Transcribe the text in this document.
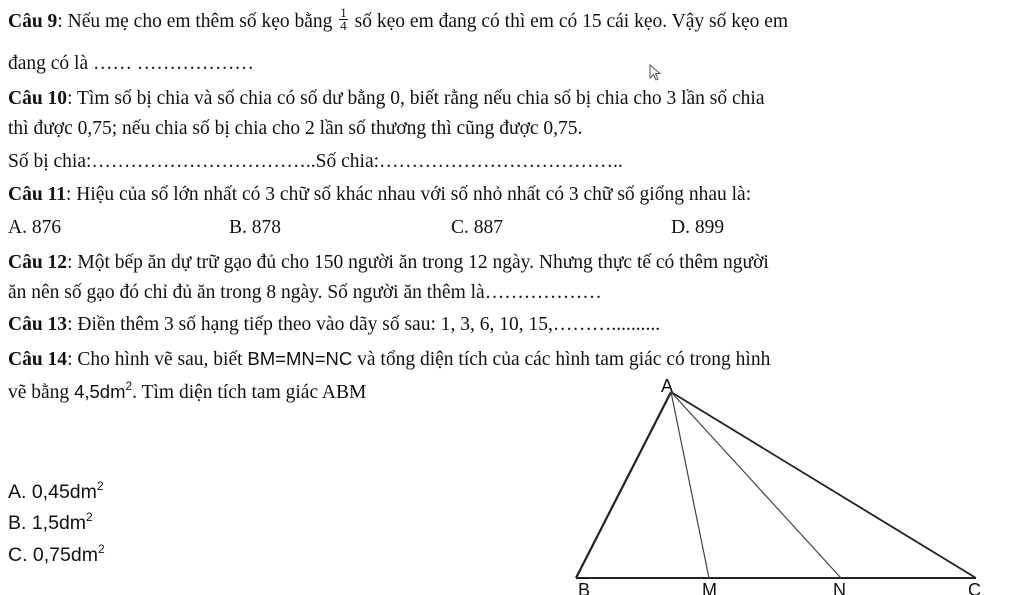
Câu 9: Nếu mẹ cho em thêm số kẹo bằng $\frac{1}{4}$ số kẹo em đang có thì em có 15 cái kẹo. Vậy số kẹo em
đang có là …… ………………
Câu 10: Tìm số bị chia và số chia có số dư bằng 0, biết rằng nếu chia số bị chia cho 3 lần số chia
thì được 0,75; nếu chia số bị chia cho 2 lần số thương thì cũng được 0,75.
Số bị chia:……………………………..Số chia:………………………………..
Câu 11: Hiệu của số lớn nhất có 3 chữ số khác nhau với số nhỏ nhất có 3 chữ số giống nhau là:
A. 876	B. 878	C. 887	D. 899
Câu 12: Một bếp ăn dự trữ gạo đủ cho 150 người ăn trong 12 ngày. Nhưng thực tế có thêm người
ăn nên số gạo đó chỉ đủ ăn trong 8 ngày. Số người ăn thêm là………………
Câu 13: Điền thêm 3 số hạng tiếp theo vào dãy số sau: 1, 3, 6, 10, 15,………..........
Câu 14: Cho hình vẽ sau, biết BM=MN=NC và tổng diện tích của các hình tam giác có trong hình
vẽ bằng $4,5dm^2$. Tìm diện tích tam giác ABM
A. $0,45dm^2$
B. $1,5dm^2$
C. $0,75dm^2$
A
B	M	N	C
